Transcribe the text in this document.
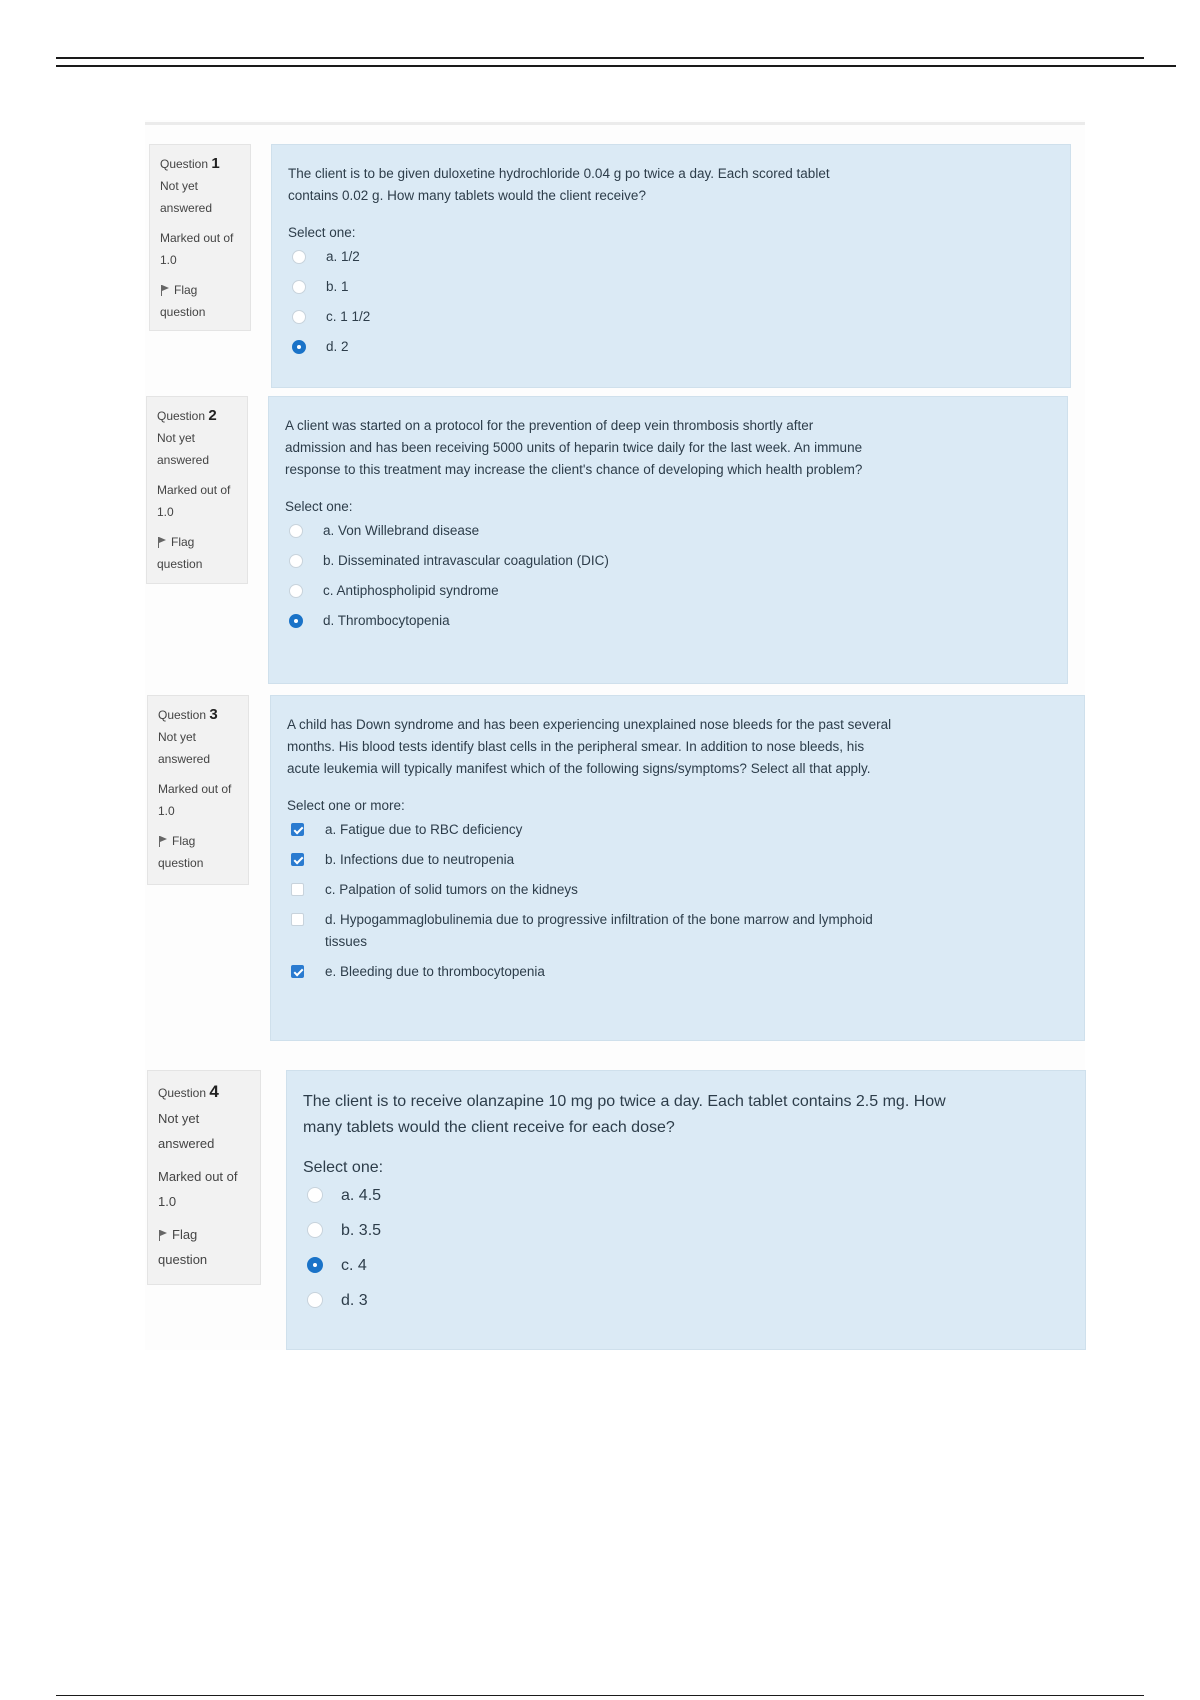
Question 1
Not yet answered
Marked out of 1.0
Flag question
The client is to be given duloxetine hydrochloride 0.04 g po twice a day. Each scored tablet contains 0.02 g. How many tablets would the client receive?
Select one:
a. 1/2
b. 1
c. 1 1/2
d. 2
Question 2
Not yet answered
Marked out of 1.0
Flag question
A client was started on a protocol for the prevention of deep vein thrombosis shortly after admission and has been receiving 5000 units of heparin twice daily for the last week. An immune response to this treatment may increase the client's chance of developing which health problem?
Select one:
a. Von Willebrand disease
b. Disseminated intravascular coagulation (DIC)
c. Antiphospholipid syndrome
d. Thrombocytopenia
Question 3
Not yet answered
Marked out of 1.0
Flag question
A child has Down syndrome and has been experiencing unexplained nose bleeds for the past several months. His blood tests identify blast cells in the peripheral smear. In addition to nose bleeds, his acute leukemia will typically manifest which of the following signs/symptoms? Select all that apply.
Select one or more:
a. Fatigue due to RBC deficiency
b. Infections due to neutropenia
c. Palpation of solid tumors on the kidneys
d. Hypogammaglobulinemia due to progressive infiltration of the bone marrow and lymphoid tissues
e. Bleeding due to thrombocytopenia
Question 4
Not yet answered
Marked out of 1.0
Flag question
The client is to receive olanzapine 10 mg po twice a day. Each tablet contains 2.5 mg. How many tablets would the client receive for each dose?
Select one:
a. 4.5
b. 3.5
c. 4
d. 3
